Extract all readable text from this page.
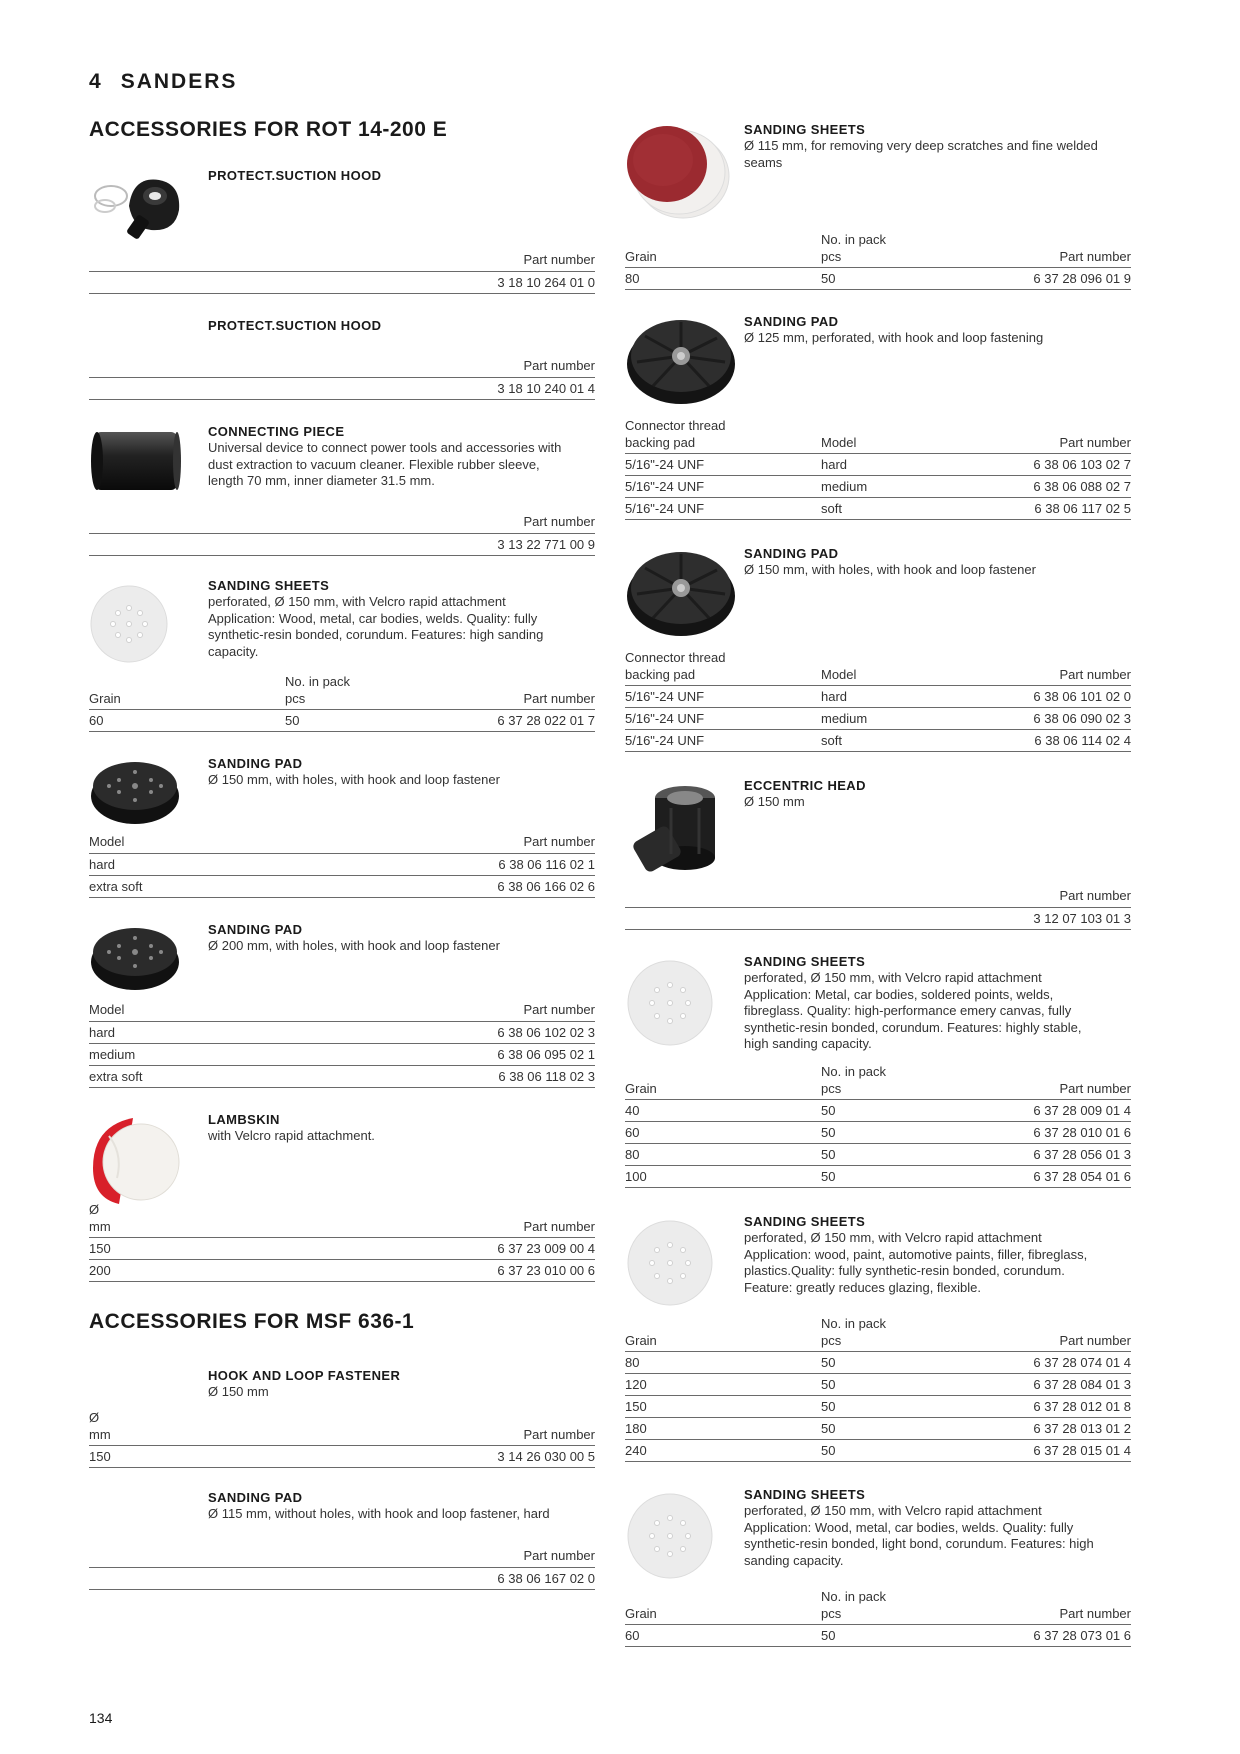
4 SANDERS
ACCESSORIES FOR ROT 14-200 E
ACCESSORIES FOR MSF 636-1
PROTECT.SUCTION HOOD
Part number
3 18 10 264 01 0
PROTECT.SUCTION HOOD
Part number
3 18 10 240 01 4
CONNECTING PIECE
Universal device to connect power tools and accessories with
dust extraction to vacuum cleaner. Flexible rubber sleeve,
length 70 mm, inner diameter 31.5 mm.
Part number
3 13 22 771 00 9
SANDING SHEETS
perforated, Ø 150 mm, with Velcro rapid attachment
Application: Wood, metal, car bodies, welds. Quality: fully
synthetic-resin bonded, corundum. Features: high sanding
capacity.
Grain	No. in pack
pcs	Part number
60	50	6 37 28 022 01 7
SANDING PAD
Ø 150 mm, with holes, with hook and loop fastener
Model	Part number
hard	6 38 06 116 02 1
extra soft	6 38 06 166 02 6
SANDING PAD
Ø 200 mm, with holes, with hook and loop fastener
Model	Part number
hard	6 38 06 102 02 3
medium	6 38 06 095 02 1
extra soft	6 38 06 118 02 3
LAMBSKIN
with Velcro rapid attachment.
Ø
mm	Part number
150	6 37 23 009 00 4
200	6 37 23 010 00 6
HOOK AND LOOP FASTENER
Ø 150 mm
Ø
mm	Part number
150	3 14 26 030 00 5
SANDING PAD
Ø 115 mm, without holes, with hook and loop fastener, hard
Part number
6 38 06 167 02 0
SANDING SHEETS
Ø 115 mm, for removing very deep scratches and fine welded
seams
Grain	No. in pack
pcs	Part number
80	50	6 37 28 096 01 9
SANDING PAD
Ø 125 mm, perforated, with hook and loop fastening
Connector thread
backing pad	Model	Part number
5/16"-24 UNF	hard	6 38 06 103 02 7
5/16"-24 UNF	medium	6 38 06 088 02 7
5/16"-24 UNF	soft	6 38 06 117 02 5
SANDING PAD
Ø 150 mm, with holes, with hook and loop fastener
Connector thread
backing pad	Model	Part number
5/16"-24 UNF	hard	6 38 06 101 02 0
5/16"-24 UNF	medium	6 38 06 090 02 3
5/16"-24 UNF	soft	6 38 06 114 02 4
ECCENTRIC HEAD
Ø 150 mm
Part number
3 12 07 103 01 3
SANDING SHEETS
perforated, Ø 150 mm, with Velcro rapid attachment
Application: Metal, car bodies, soldered points, welds,
fibreglass. Quality: high-performance emery canvas, fully
synthetic-resin bonded, corundum. Features: highly stable,
high sanding capacity.
Grain	No. in pack
pcs	Part number
40	50	6 37 28 009 01 4
60	50	6 37 28 010 01 6
80	50	6 37 28 056 01 3
100	50	6 37 28 054 01 6
SANDING SHEETS
perforated, Ø 150 mm, with Velcro rapid attachment
Application: wood, paint, automotive paints, filler, fibreglass,
plastics.Quality: fully synthetic-resin bonded, corundum.
Feature: greatly reduces glazing, flexible.
Grain	No. in pack
pcs	Part number
80	50	6 37 28 074 01 4
120	50	6 37 28 084 01 3
150	50	6 37 28 012 01 8
180	50	6 37 28 013 01 2
240	50	6 37 28 015 01 4
SANDING SHEETS
perforated, Ø 150 mm, with Velcro rapid attachment
Application: Wood, metal, car bodies, welds. Quality: fully
synthetic-resin bonded, light bond, corundum. Features: high
sanding capacity.
Grain	No. in pack
pcs	Part number
60	50	6 37 28 073 01 6
134
